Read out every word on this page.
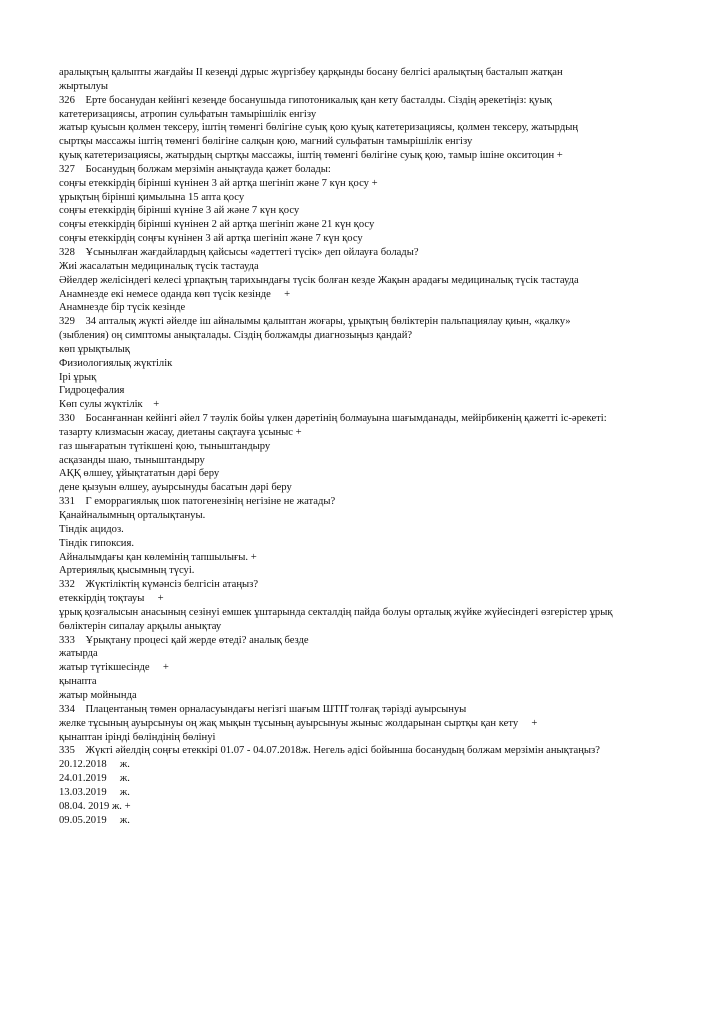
аралықтың қалыпты жағдайы ІІ кезеңді дұрыс жүргізбеу қарқынды босану белгісі аралықтың басталып жатқан
жыртылуы
326    Ерте босанудан кейінгі кезеңде босанушыда гипотоникалық қан кету басталды. Сіздің әрекетіңіз: қуық
катетеризациясы, атропин сульфатын тамырішілік енгізу
жатыр қуысын қолмен тексеру, іштің төменгі бөлігіне суық қою қуық катетеризациясы, қолмен тексеру, жатырдың
сыртқы массажы іштің төменгі бөлігіне салқын қою, магний сульфатын тамырішілік енгізу
қуық катетеризациясы, жатырдың сыртқы массажы, іштің төменгі бөлігіне суық қою, тамыр ішіне окситоцин +
327    Босанудың болжам мерзімін анықтауда қажет болады:
соңғы етеккірдің бірінші күнінен 3 ай артқа шегініп және 7 күн қосу +
ұрықтың бірінші қимылына 15 апта қосу
соңғы етеккірдің бірінші күніне 3 ай және 7 күн қосу
соңғы етеккірдің бірінші күнінен 2 ай артқа шегініп және 21 күн қосу
соңғы етеккірдің соңғы күнінен 3 ай артқа шегініп және 7 күн қосу
328    Ұсынылған жағдайлардың қайсысы «әдеттегі түсік» деп ойлауға болады?
Жиі жасалатын медициналық түсік тастауда
Әйелдер желісіндегі келесі ұрпақтың тарихындағы түсік болған кезде Жақын арадағы медициналық түсік тастауда
Анамнезде екі немесе оданда көп түсік кезінде     +
Анамнезде бір түсік кезінде
329    34 апталық жүкті әйелде іш айналымы қалыптан жоғары, ұрықтың бөліктерін пальпациялау қиын, «қалку»
(зыбления) оң симптомы анықталады. Сіздің болжамды диагнозыңыз қандай?
көп ұрықтылық
Физиологиялық жүктілік
Ірі ұрық
Гидроцефалия
Көп сулы жүктілік    +
330    Босанғаннан кейінгі әйел 7 тәулік бойы үлкен дәретінің болмауына шағымданады, мейірбикенің қажетті іс-әрекеті:
тазарту клизмасын жасау, диетаны сақтауға ұсыныс +
газ шығаратын түтікшені қою, тыныштандыру
асқазанды шаю, тыныштандыру
АҚҚ өлшеу, ұйықтататын дәрі беру
дене қызуын өлшеу, ауырсынуды басатын дәрі беру
331    Г еморрагиялық шок патогенезінің негізіне не жатады?
Қанайналымның орталықтануы.
Тіндік ацидоз.
Тіндік гипоксия.
Айналымдағы қан көлемінің тапшылығы. +
Артериялық қысымның түсуі.
332    Жүктіліктің күмәнсіз белгісін атаңыз?
етеккірдің тоқтауы     +
ұрық қозғалысын анасының сезінуі емшек ұштарында секталдің пайда болуы орталық жүйке жүйесіндегі өзгерістер ұрық
бөліктерін сипалау арқылы анықтау
333    Ұрықтану процесі қай жерде өтеді? аналық безде
жатырда
жатыр түтікшесінде     +
қынапта
жатыр мойнында
334    Плацентаның төмен орналасуындағы негізгі шағым ШТП̆ толғақ тәрізді ауырсынуы
желке тұсының ауырсынуы оң жақ мықын тұсының ауырсынуы жыныс жолдарынан сыртқы қан кету     +
қынаптан ірінді бөліндінің бөлінуі
335    Жүкті әйелдің соңғы етеккірі 01.07 - 04.07.2018ж. Негель әдісі бойынша босанудың болжам мерзімін анықтаңыз?
20.12.2018     ж.
24.01.2019     ж.
13.03.2019     ж.
08.04. 2019 ж. +
09.05.2019     ж.
